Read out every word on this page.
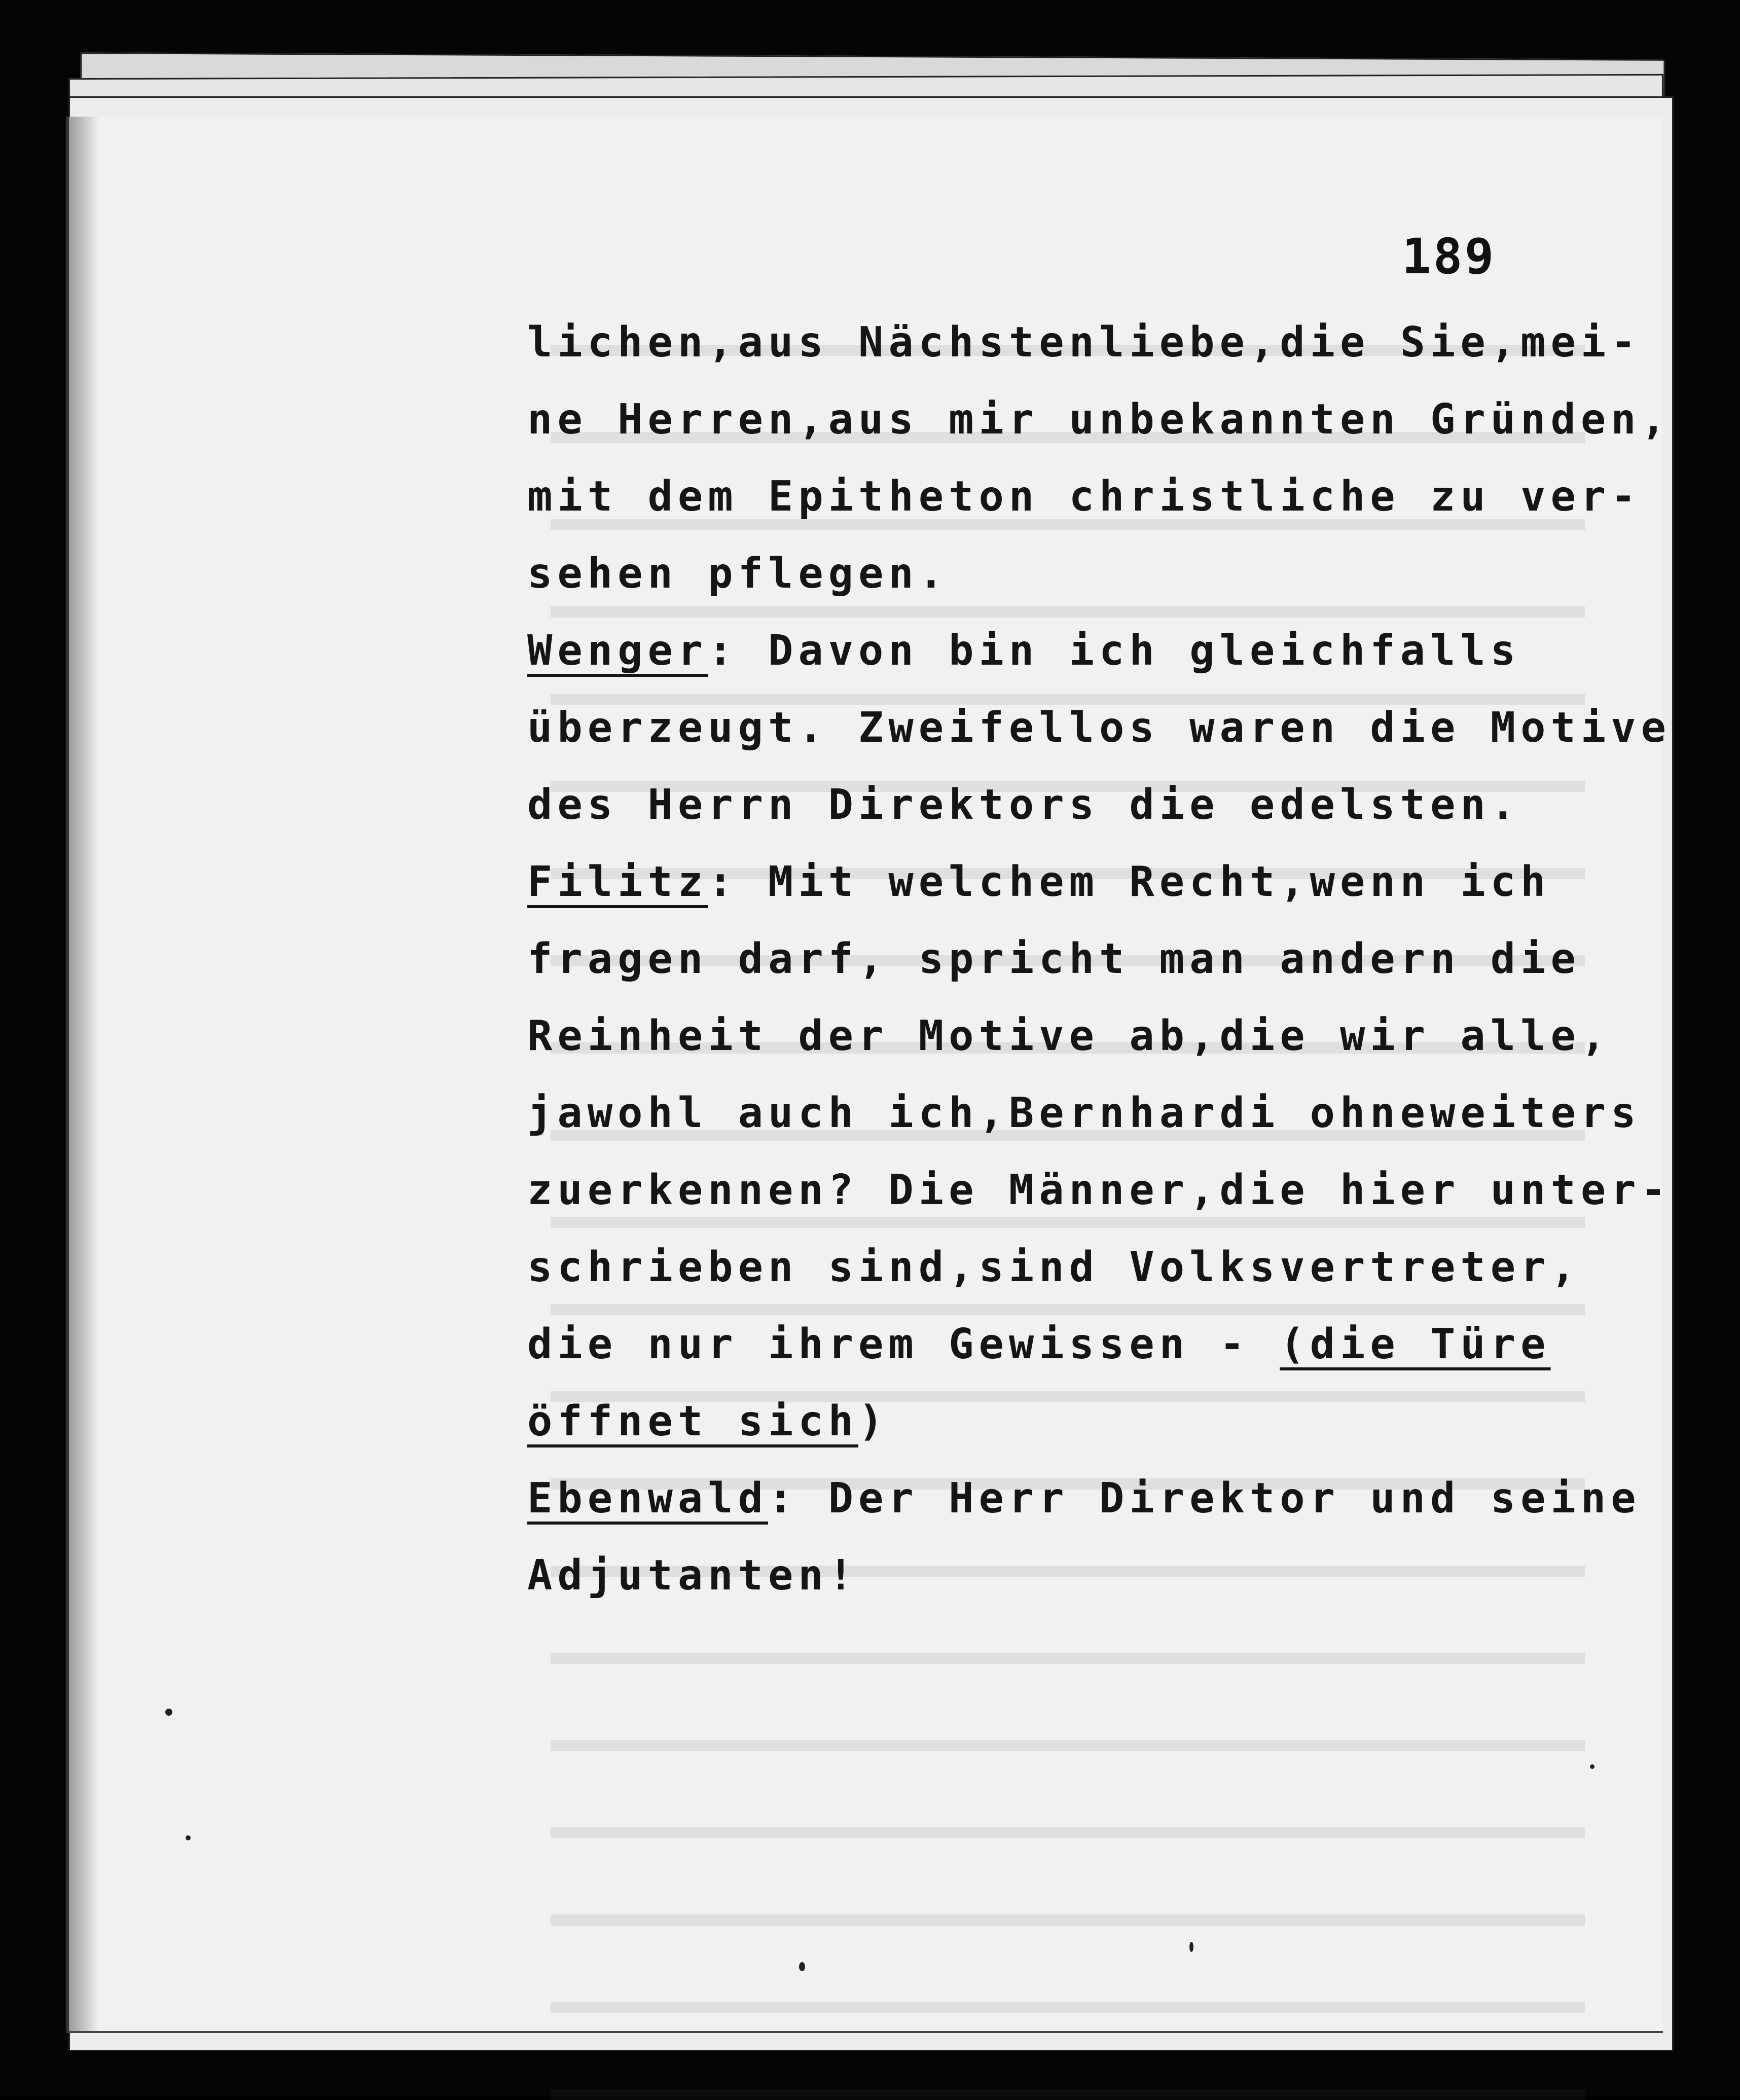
189
lichen,aus Nächstenliebe,die Sie,mei-
ne Herren,aus mir unbekannten Gründen,
mit dem Epitheton christliche zu ver-
sehen pflegen.
Wenger: Davon bin ich gleichfalls
überzeugt. Zweifellos waren die Motive
des Herrn Direktors die edelsten.
Filitz: Mit welchem Recht,wenn ich
fragen darf, spricht man andern die
Reinheit der Motive ab,die wir alle,
jawohl auch ich,Bernhardi ohneweiters
zuerkennen? Die Männer,die hier unter-
schrieben sind,sind Volksvertreter,
die nur ihrem Gewissen - (die Türe
öffnet sich)
Ebenwald: Der Herr Direktor und seine
Adjutanten!
